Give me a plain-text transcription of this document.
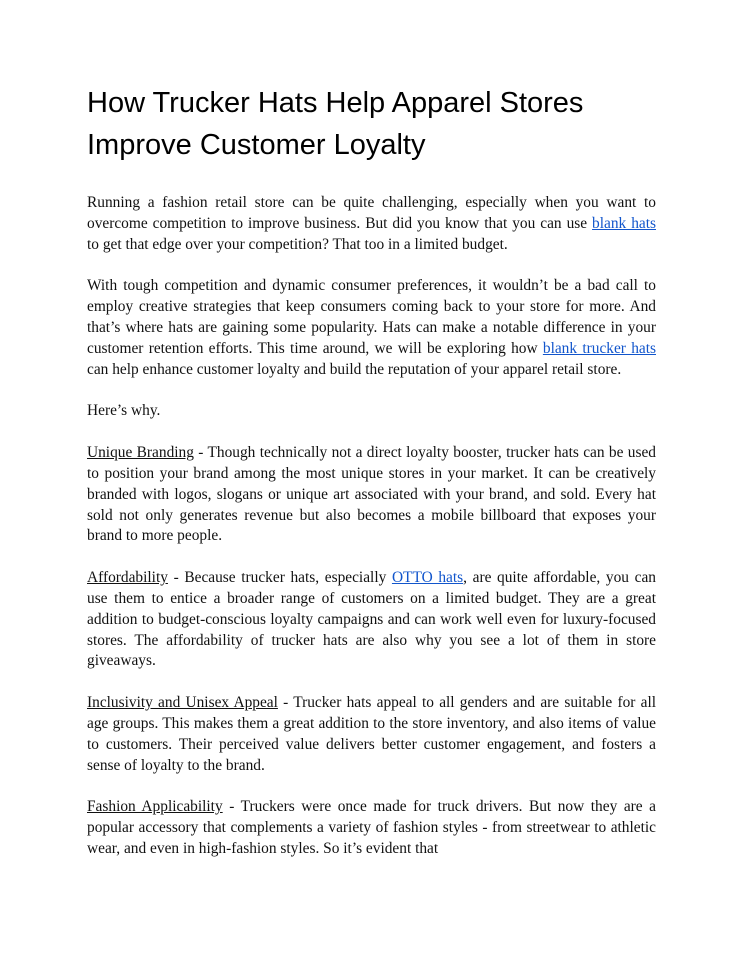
How Trucker Hats Help Apparel Stores Improve Customer Loyalty

Running a fashion retail store can be quite challenging, especially when you want to overcome competition to improve business. But did you know that you can use blank hats to get that edge over your competition? That too in a limited budget.

With tough competition and dynamic consumer preferences, it wouldn’t be a bad call to employ creative strategies that keep consumers coming back to your store for more. And that’s where hats are gaining some popularity. Hats can make a notable difference in your customer retention efforts. This time around, we will be exploring how blank trucker hats can help enhance customer loyalty and build the reputation of your apparel retail store.

Here’s why.

Unique Branding - Though technically not a direct loyalty booster, trucker hats can be used to position your brand among the most unique stores in your market. It can be creatively branded with logos, slogans or unique art associated with your brand, and sold. Every hat sold not only generates revenue but also becomes a mobile billboard that exposes your brand to more people.

Affordability - Because trucker hats, especially OTTO hats, are quite affordable, you can use them to entice a broader range of customers on a limited budget. They are a great addition to budget-conscious loyalty campaigns and can work well even for luxury-focused stores. The affordability of trucker hats are also why you see a lot of them in store giveaways.

Inclusivity and Unisex Appeal - Trucker hats appeal to all genders and are suitable for all age groups. This makes them a great addition to the store inventory, and also items of value to customers. Their perceived value delivers better customer engagement, and fosters a sense of loyalty to the brand.

Fashion Applicability - Truckers were once made for truck drivers. But now they are a popular accessory that complements a variety of fashion styles - from streetwear to athletic wear, and even in high-fashion styles. So it’s evident that
